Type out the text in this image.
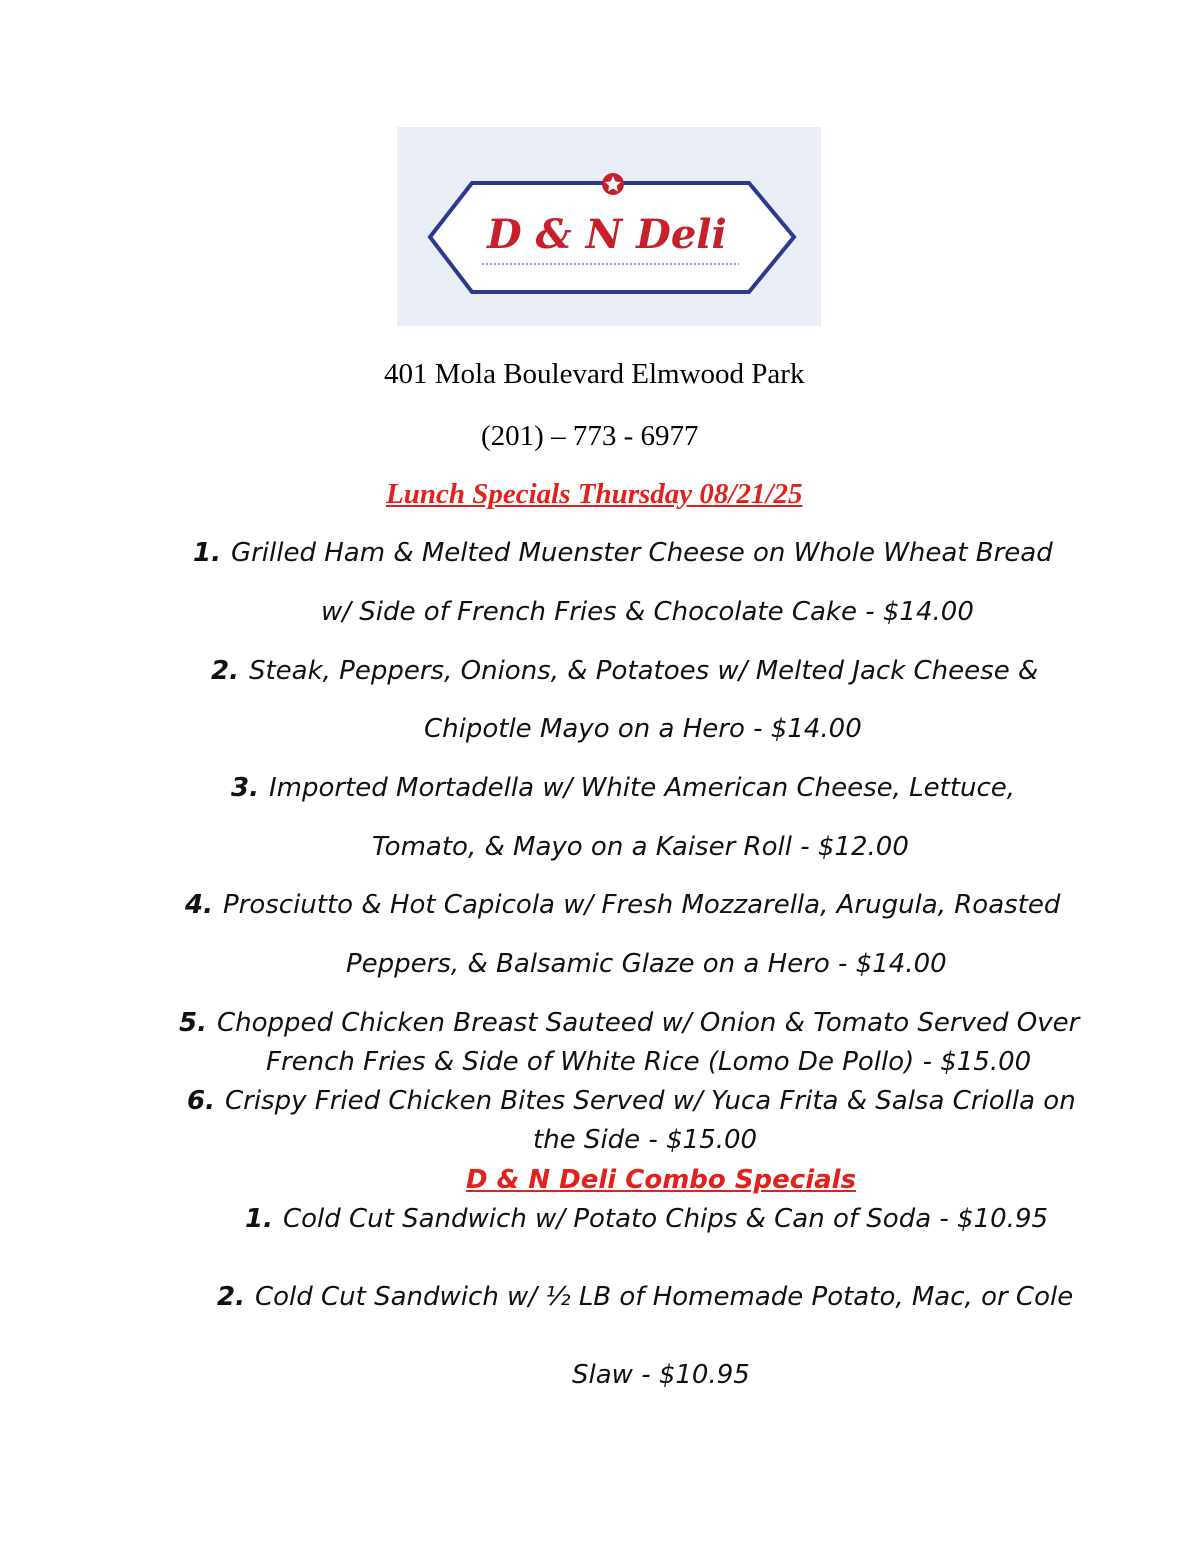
D & N Deli
401 Mola Boulevard Elmwood Park
(201) – 773 - 6977
Lunch Specials Thursday 08/21/25
1. Grilled Ham & Melted Muenster Cheese on Whole Wheat Bread
w/ Side of French Fries & Chocolate Cake - $14.00
2. Steak, Peppers, Onions, & Potatoes w/ Melted Jack Cheese &
Chipotle Mayo on a Hero - $14.00
3. Imported Mortadella w/ White American Cheese, Lettuce,
Tomato, & Mayo on a Kaiser Roll - $12.00
4. Prosciutto & Hot Capicola w/ Fresh Mozzarella, Arugula, Roasted
Peppers, & Balsamic Glaze on a Hero - $14.00
5. Chopped Chicken Breast Sauteed w/ Onion & Tomato Served Over
French Fries & Side of White Rice (Lomo De Pollo) - $15.00
6. Crispy Fried Chicken Bites Served w/ Yuca Frita & Salsa Criolla on
the Side - $15.00
D & N Deli Combo Specials
1. Cold Cut Sandwich w/ Potato Chips & Can of Soda - $10.95
2. Cold Cut Sandwich w/ ½ LB of Homemade Potato, Mac, or Cole
Slaw - $10.95
